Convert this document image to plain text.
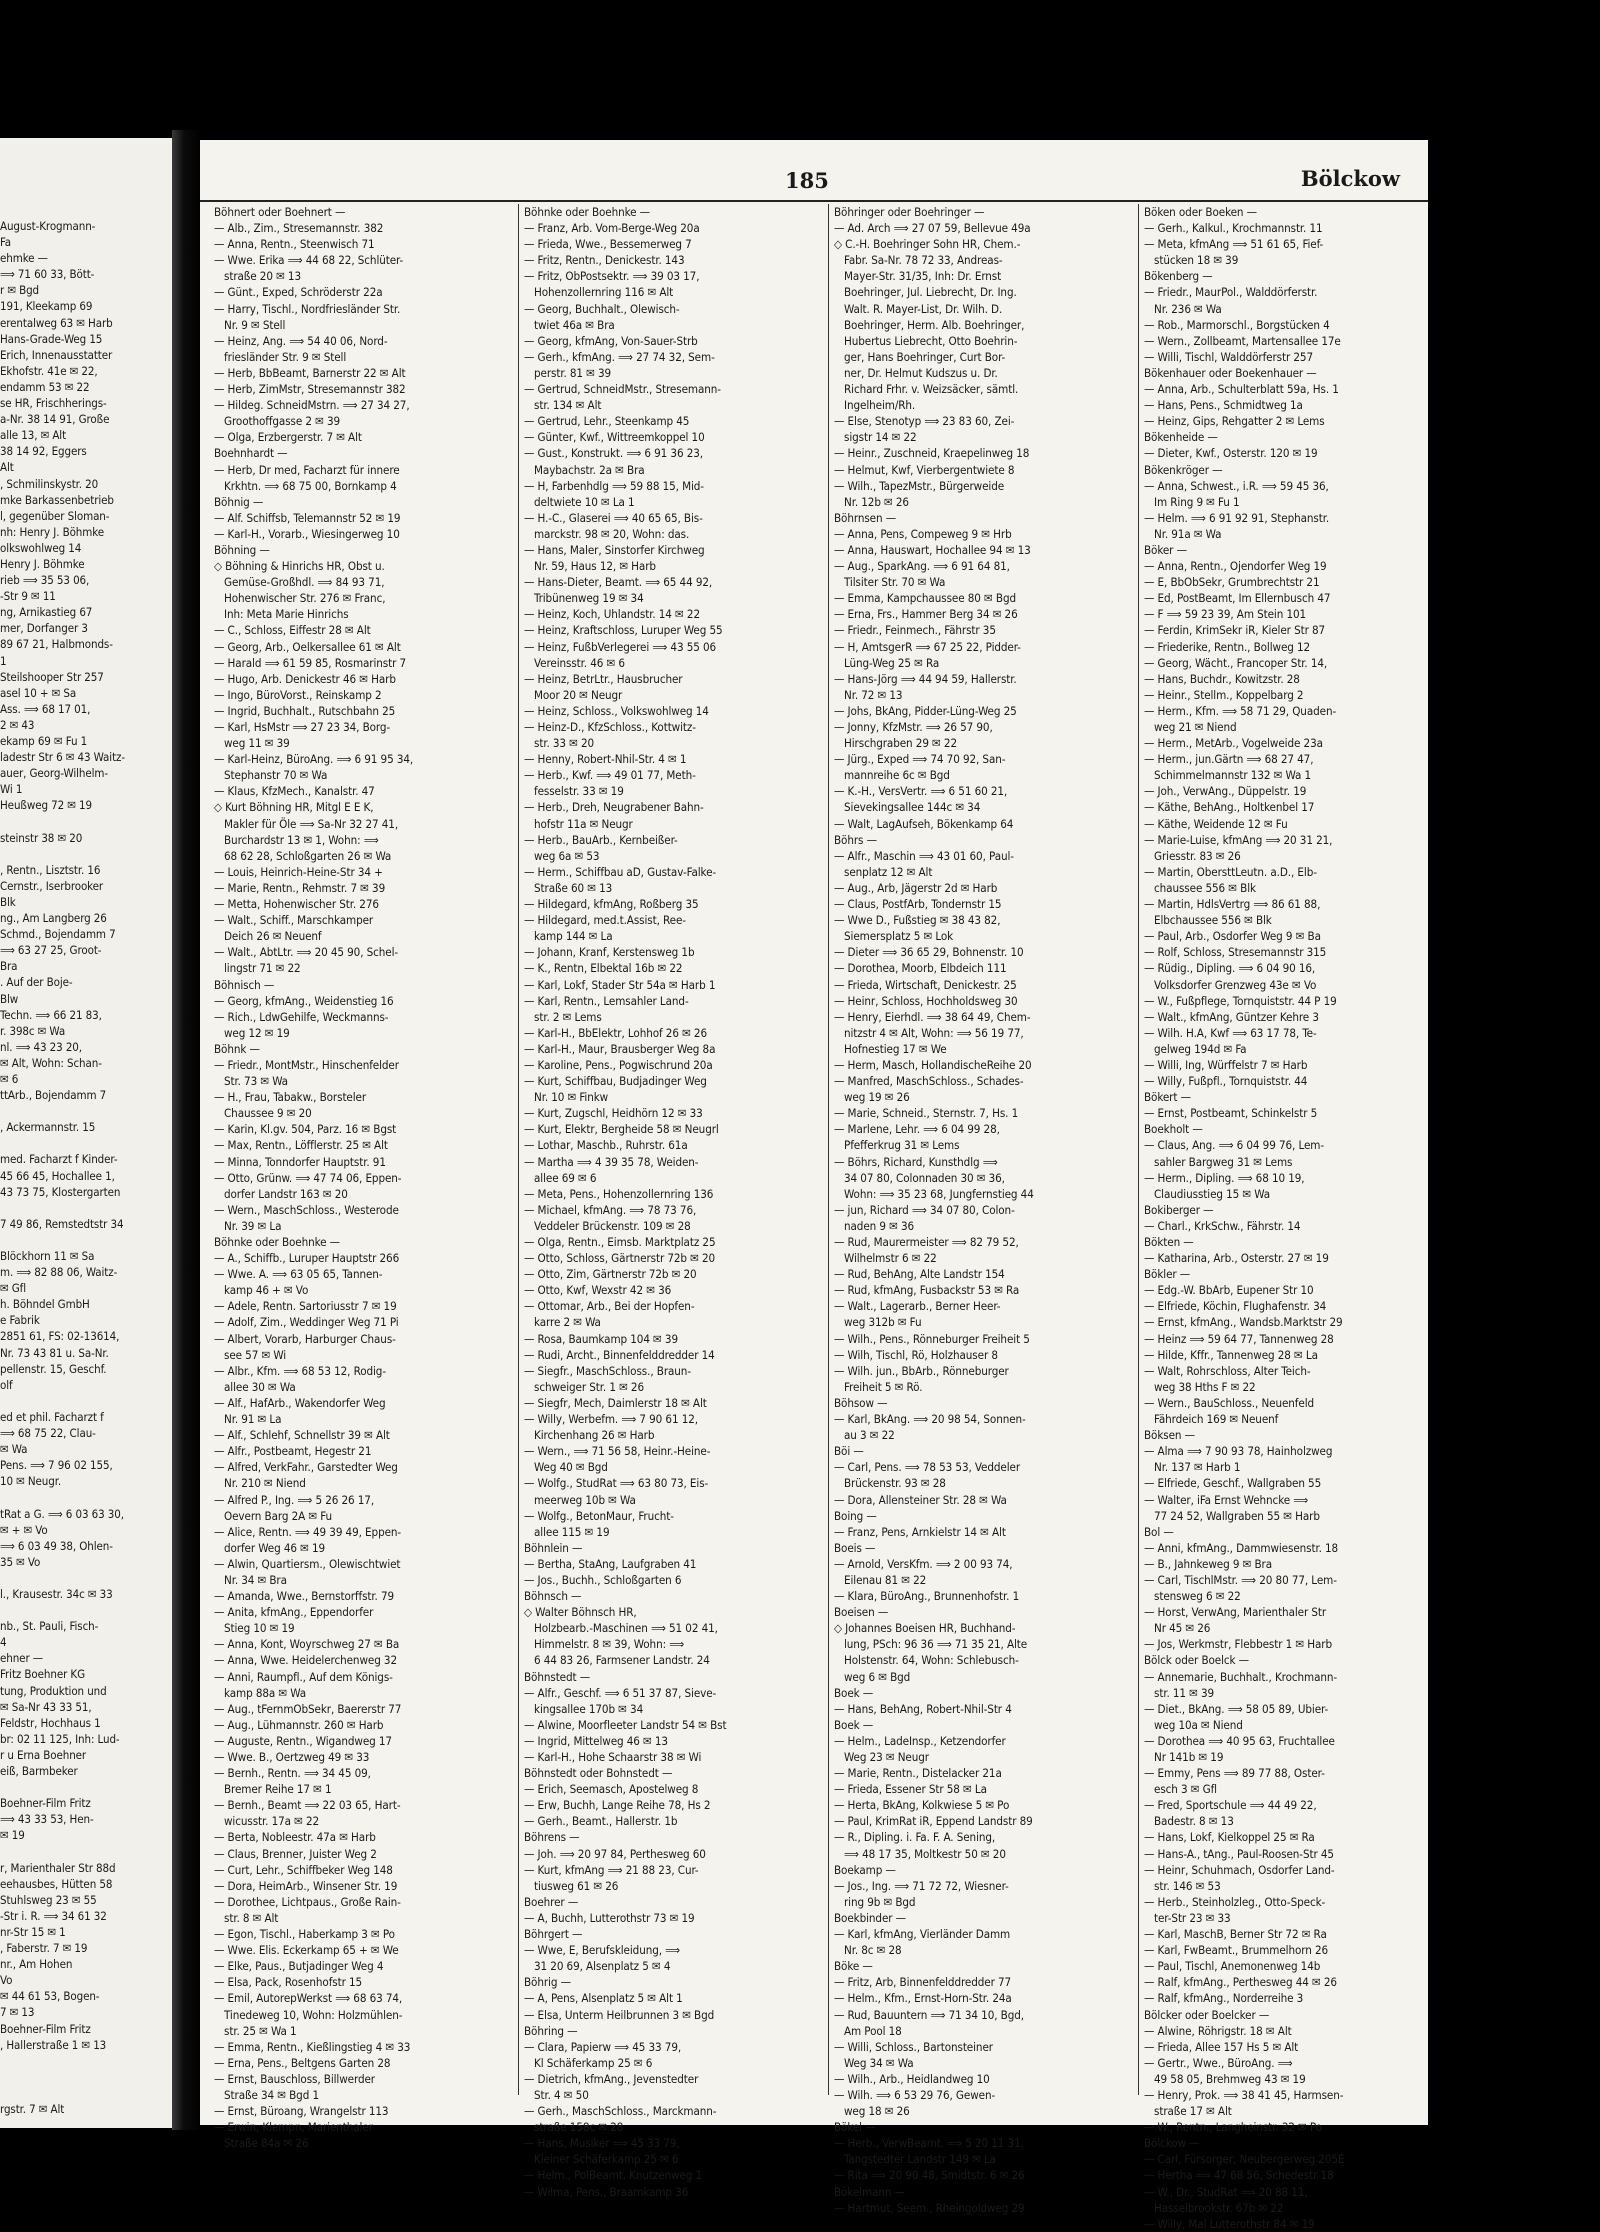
August-Krogmann-
Fa
ehmke —
⟹ 71 60 33, Bött-
r ✉ Bgd
191, Kleekamp 69
erentalweg 63 ✉ Harb
Hans-Grade-Weg 15
Erich, Innenausstatter
Ekhofstr. 41e ✉ 22,
endamm 53 ✉ 22
se HR, Frischherings-
a-Nr. 38 14 91, Große
alle 13, ✉ Alt
38 14 92, Eggers
Alt
, Schmilinskystr. 20
mke Barkassenbetrieb
l, gegenüber Sloman-
nh: Henry J. Böhmke
olkswohlweg 14
Henry J. Böhmke
rieb ⟹ 35 53 06,
-Str 9 ✉ 11
ng, Arnikastieg 67
mer, Dorfanger 3
89 67 21, Halbmonds-
1
Steilshooper Str 257
asel 10 + ✉ Sa
Ass. ⟹ 68 17 01,
2 ✉ 43
ekamp 69 ✉ Fu 1
ladestr Str 6 ✉ 43 Waitz-
auer, Georg-Wilhelm-
Wi 1
Heußweg 72 ✉ 19

steinstr 38 ✉ 20

, Rentn., Lisztstr. 16
Cernstr., Iserbrooker
Blk
ng., Am Langberg 26
Schmd., Bojendamm 7
⟹ 63 27 25, Groot-
Bra
. Auf der Boje-
Blw
Techn. ⟹ 66 21 83,
r. 398c ✉ Wa
nl. ⟹ 43 23 20,
✉ Alt, Wohn: Schan-
✉ 6
ttArb., Bojendamm 7

, Ackermannstr. 15

med. Facharzt f Kinder-
45 66 45, Hochallee 1,
43 73 75, Klostergarten

7 49 86, Remstedtstr 34

Blöckhorn 11 ✉ Sa
m. ⟹ 82 88 06, Waitz-
✉ Gfl
h. Böhndel GmbH
e Fabrik
2851 61, FS: 02-13614,
Nr. 73 43 81 u. Sa-Nr.
pellenstr. 15, Geschf.
olf

ed et phil. Facharzt f
⟹ 68 75 22, Clau-
✉ Wa
Pens. ⟹ 7 96 02 155,
10 ✉ Neugr.

tRat a G. ⟹ 6 03 63 30,
✉ + ✉ Vo
⟹ 6 03 49 38, Ohlen-
35 ✉ Vo

l., Krausestr. 34c ✉ 33

nb., St. Pauli, Fisch-
4
ehner —
Fritz Boehner KG
tung, Produktion und
✉ Sa-Nr 43 33 51,
Feldstr, Hochhaus 1
br: 02 11 125, Inh: Lud-
r u Erna Boehner
eiß, Barmbeker

Boehner-Film Fritz
⟹ 43 33 53, Hen-
✉ 19

r, Marienthaler Str 88d
eehausbes, Hütten 58
Stuhlsweg 23 ✉ 55
-Str i. R. ⟹ 34 61 32
nr-Str 15 ✉ 1
, Faberstr. 7 ✉ 19
nr., Am Hohen
Vo
✉ 44 61 53, Bogen-
7 ✉ 13
Boehner-Film Fritz
, Hallerstraße 1 ✉ 13

rgstr. 7 ✉ Alt
185	Bölckow
Böhnert oder Boehnert —
— Alb., Zim., Stresemannstr. 382
— Anna, Rentn., Steenwisch 71
— Wwe. Erika ⟹ 44 68 22, Schlüter-
straße 20 ✉ 13
— Günt., Exped, Schröderstr 22a
— Harry, Tischl., Nordfriesländer Str.
Nr. 9 ✉ Stell
— Heinz, Ang. ⟹ 54 40 06, Nord-
friesländer Str. 9 ✉ Stell
— Herb, BbBeamt, Barnerstr 22 ✉ Alt
— Herb, ZimMstr, Stresemannstr 382
— Hildeg. SchneidMstrn. ⟹ 27 34 27,
Groothoffgasse 2 ✉ 39
— Olga, Erzbergerstr. 7 ✉ Alt
Boehnhardt —
— Herb, Dr med, Facharzt für innere
Krkhtn. ⟹ 68 75 00, Bornkamp 4
Böhnig —
— Alf. Schiffsb, Telemannstr 52 ✉ 19
— Karl-H., Vorarb., Wiesingerweg 10
Böhning —
◇ Böhning & Hinrichs HR, Obst u.
Gemüse-Großhdl. ⟹ 84 93 71,
Hohenwischer Str. 276 ✉ Franc,
Inh: Meta Marie Hinrichs
— C., Schloss, Eiffestr 28 ✉ Alt
— Georg, Arb., Oelkersallee 61 ✉ Alt
— Harald ⟹ 61 59 85, Rosmarinstr 7
— Hugo, Arb. Denickestr 46 ✉ Harb
— Ingo, BüroVorst., Reinskamp 2
— Ingrid, Buchhalt., Rutschbahn 25
— Karl, HsMstr ⟹ 27 23 34, Borg-
weg 11 ✉ 39
— Karl-Heinz, BüroAng. ⟹ 6 91 95 34,
Stephanstr 70 ✉ Wa
— Klaus, KfzMech., Kanalstr. 47
◇ Kurt Böhning HR, Mitgl E E K,
Makler für Öle ⟹ Sa-Nr 32 27 41,
Burchardstr 13 ✉ 1, Wohn: ⟹
68 62 28, Schloßgarten 26 ✉ Wa
— Louis, Heinrich-Heine-Str 34 +
— Marie, Rentn., Rehmstr. 7 ✉ 39
— Metta, Hohenwischer Str. 276
— Walt., Schiff., Marschkamper
Deich 26 ✉ Neuenf
— Walt., AbtLtr. ⟹ 20 45 90, Schel-
lingstr 71 ✉ 22
Böhnisch —
— Georg, kfmAng., Weidenstieg 16
— Rich., LdwGehilfe, Weckmanns-
weg 12 ✉ 19
Böhnk —
— Friedr., MontMstr., Hinschenfelder
Str. 73 ✉ Wa
— H., Frau, Tabakw., Borsteler
Chaussee 9 ✉ 20
— Karin, Kl.gv. 504, Parz. 16 ✉ Bgst
— Max, Rentn., Löfflerstr. 25 ✉ Alt
— Minna, Tonndorfer Hauptstr. 91
— Otto, Grünw. ⟹ 47 74 06, Eppen-
dorfer Landstr 163 ✉ 20
— Wern., MaschSchloss., Westerode
Nr. 39 ✉ La
Böhnke oder Boehnke —
— A., Schiffb., Luruper Hauptstr 266
— Wwe. A. ⟹ 63 05 65, Tannen-
kamp 46 + ✉ Vo
— Adele, Rentn. Sartoriusstr 7 ✉ 19
— Adolf, Zim., Weddinger Weg 71 Pi
— Albert, Vorarb, Harburger Chaus-
see 57 ✉ Wi
— Albr., Kfm. ⟹ 68 53 12, Rodig-
allee 30 ✉ Wa
— Alf., HafArb., Wakendorfer Weg
Nr. 91 ✉ La
— Alf., Schlehf, Schnellstr 39 ✉ Alt
— Alfr., Postbeamt, Hegestr 21
— Alfred, VerkFahr., Garstedter Weg
Nr. 210 ✉ Niend
— Alfred P., Ing. ⟹ 5 26 26 17,
Oevern Barg 2A ✉ Fu
— Alice, Rentn. ⟹ 49 39 49, Eppen-
dorfer Weg 46 ✉ 19
— Alwin, Quartiersm., Olewischtwiet
Nr. 34 ✉ Bra
— Amanda, Wwe., Bernstorffstr. 79
— Anita, kfmAng., Eppendorfer
Stieg 10 ✉ 19
— Anna, Kont, Woyrschweg 27 ✉ Ba
— Anna, Wwe. Heidelerchenweg 32
— Anni, Raumpfl., Auf dem Königs-
kamp 88a ✉ Wa
— Aug., tFernmObSekr, Baererstr 77
— Aug., Lühmannstr. 260 ✉ Harb
— Auguste, Rentn., Wigandweg 17
— Wwe. B., Oertzweg 49 ✉ 33
— Bernh., Rentn. ⟹ 34 45 09,
Bremer Reihe 17 ✉ 1
— Bernh., Beamt ⟹ 22 03 65, Hart-
wicusstr. 17a ✉ 22
— Berta, Nobleestr. 47a ✉ Harb
— Claus, Brenner, Juister Weg 2
— Curt, Lehr., Schiffbeker Weg 148
— Dora, HeimArb., Winsener Str. 19
— Dorothee, Lichtpaus., Große Rain-
str. 8 ✉ Alt
— Egon, Tischl., Haberkamp 3 ✉ Po
— Wwe. Elis. Eckerkamp 65 + ✉ We
— Elke, Paus., Butjadinger Weg 4
— Elsa, Pack, Rosenhofstr 15
— Emil, AutorepWerkst ⟹ 68 63 74,
Tinedeweg 10, Wohn: Holzmühlen-
str. 25 ✉ Wa 1
— Emma, Rentn., Kießlingstieg 4 ✉ 33
— Erna, Pens., Beltgens Garten 28
— Ernst, Bauschloss, Billwerder
Straße 34 ✉ Bgd 1
— Ernst, Büroang, Wrangelstr 113
— Erwin, Klempn, Marienthaler
Straße 84a ✉ 26
Böhnke oder Boehnke —
— Franz, Arb. Vom-Berge-Weg 20a
— Frieda, Wwe., Bessemerweg 7
— Fritz, Rentn., Denickestr. 143
— Fritz, ObPostsektr. ⟹ 39 03 17,
Hohenzollernring 116 ✉ Alt
— Georg, Buchhalt., Olewisch-
twiet 46a ✉ Bra
— Georg, kfmAng, Von-Sauer-Strb
— Gerh., kfmAng. ⟹ 27 74 32, Sem-
perstr. 81 ✉ 39
— Gertrud, SchneidMstr., Stresemann-
str. 134 ✉ Alt
— Gertrud, Lehr., Steenkamp 45
— Günter, Kwf., Wittreemkoppel 10
— Gust., Konstrukt. ⟹ 6 91 36 23,
Maybachstr. 2a ✉ Bra
— H, Farbenhdlg ⟹ 59 88 15, Mid-
deltwiete 10 ✉ La 1
— H.-C., Glaserei ⟹ 40 65 65, Bis-
marckstr. 98 ✉ 20, Wohn: das.
— Hans, Maler, Sinstorfer Kirchweg
Nr. 59, Haus 12, ✉ Harb
— Hans-Dieter, Beamt. ⟹ 65 44 92,
Tribünenweg 19 ✉ 34
— Heinz, Koch, Uhlandstr. 14 ✉ 22
— Heinz, Kraftschloss, Luruper Weg 55
— Heinz, FußbVerlegerei ⟹ 43 55 06
Vereinsstr. 46 ✉ 6
— Heinz, BetrLtr., Hausbrucher
Moor 20 ✉ Neugr
— Heinz, Schloss., Volkswohlweg 14
— Heinz-D., KfzSchloss., Kottwitz-
str. 33 ✉ 20
— Henny, Robert-Nhil-Str. 4 ✉ 1
— Herb., Kwf. ⟹ 49 01 77, Meth-
fesselstr. 33 ✉ 19
— Herb., Dreh, Neugrabener Bahn-
hofstr 11a ✉ Neugr
— Herb., BauArb., Kernbeißer-
weg 6a ✉ 53
— Herm., Schiffbau aD, Gustav-Falke-
Straße 60 ✉ 13
— Hildegard, kfmAng, Roßberg 35
— Hildegard, med.t.Assist, Ree-
kamp 144 ✉ La
— Johann, Kranf, Kerstensweg 1b
— K., Rentn, Elbektal 16b ✉ 22
— Karl, Lokf, Stader Str 54a ✉ Harb 1
— Karl, Rentn., Lemsahler Land-
str. 2 ✉ Lems
— Karl-H., BbElektr, Lohhof 26 ✉ 26
— Karl-H., Maur, Brausberger Weg 8a
— Karoline, Pens., Pogwischrund 20a
— Kurt, Schiffbau, Budjadinger Weg
Nr. 10 ✉ Finkw
— Kurt, Zugschl, Heidhörn 12 ✉ 33
— Kurt, Elektr, Bergheide 58 ✉ Neugrl
— Lothar, Maschb., Ruhrstr. 61a
— Martha ⟹ 4 39 35 78, Weiden-
allee 69 ✉ 6
— Meta, Pens., Hohenzollernring 136
— Michael, kfmAng. ⟹ 78 73 76,
Veddeler Brückenstr. 109 ✉ 28
— Olga, Rentn., Eimsb. Marktplatz 25
— Otto, Schloss, Gärtnerstr 72b ✉ 20
— Otto, Zim, Gärtnerstr 72b ✉ 20
— Otto, Kwf, Wexstr 42 ✉ 36
— Ottomar, Arb., Bei der Hopfen-
karre 2 ✉ Wa
— Rosa, Baumkamp 104 ✉ 39
— Rudi, Archt., Binnenfelddredder 14
— Siegfr., MaschSchloss., Braun-
schweiger Str. 1 ✉ 26
— Siegfr, Mech, Daimlerstr 18 ✉ Alt
— Willy, Werbefm. ⟹ 7 90 61 12,
Kirchenhang 26 ✉ Harb
— Wern., ⟹ 71 56 58, Heinr.-Heine-
Weg 40 ✉ Bgd
— Wolfg., StudRat ⟹ 63 80 73, Eis-
meerweg 10b ✉ Wa
— Wolfg., BetonMaur, Frucht-
allee 115 ✉ 19
Böhnlein —
— Bertha, StaAng, Laufgraben 41
— Jos., Buchh., Schloßgarten 6
Böhnsch —
◇ Walter Böhnsch HR,
Holzbearb.-Maschinen ⟹ 51 02 41,
Himmelstr. 8 ✉ 39, Wohn: ⟹
6 44 83 26, Farmsener Landstr. 24
Böhnstedt —
— Alfr., Geschf. ⟹ 6 51 37 87, Sieve-
kingsallee 170b ✉ 34
— Alwine, Moorfleeter Landstr 54 ✉ Bst
— Ingrid, Mittelweg 46 ✉ 13
— Karl-H., Hohe Schaarstr 38 ✉ Wi
Böhnstedt oder Bohnstedt —
— Erich, Seemasch, Apostelweg 8
— Erw, Buchh, Lange Reihe 78, Hs 2
— Gerh., Beamt., Hallerstr. 1b
Böhrens —
— Joh. ⟹ 20 97 84, Perthesweg 60
— Kurt, kfmAng ⟹ 21 88 23, Cur-
tiusweg 61 ✉ 26
Boehrer —
— A, Buchh, Lutterothstr 73 ✉ 19
Böhrgert —
— Wwe, E, Berufskleidung, ⟹
31 20 69, Alsenplatz 5 ✉ 4
Böhrig —
— A, Pens, Alsenplatz 5 ✉ Alt 1
— Elsa, Unterm Heilbrunnen 3 ✉ Bgd
Böhring —
— Clara, Papierw ⟹ 45 33 79,
Kl Schäferkamp 25 ✉ 6
— Dietrich, kfmAng., Jevenstedter
Str. 4 ✉ 50
— Gerh., MaschSchloss., Marckmann-
straße 158c ✉ 28
— Hans, Musiker ⟹ 45 33 79,
Kleiner Schäferkamp 25 ✉ 6
— Helm., PolBeamt, Knutzenweg 1
— Wilma, Pens., Braamkamp 36
Böhringer oder Boehringer —
— Ad. Arch ⟹ 27 07 59, Bellevue 49a
◇ C.-H. Boehringer Sohn HR, Chem.-
Fabr. Sa-Nr. 78 72 33, Andreas-
Mayer-Str. 31/35, Inh: Dr. Ernst
Boehringer, Jul. Liebrecht, Dr. Ing.
Walt. R. Mayer-List, Dr. Wilh. D.
Boehringer, Herm. Alb. Boehringer,
Hubertus Liebrecht, Otto Boehrin-
ger, Hans Boehringer, Curt Bor-
ner, Dr. Helmut Kudszus u. Dr.
Richard Frhr. v. Weizsäcker, sämtl.
Ingelheim/Rh.
— Else, Stenotyp ⟹ 23 83 60, Zei-
sigstr 14 ✉ 22
— Heinr., Zuschneid, Kraepelinweg 18
— Helmut, Kwf, Vierbergentwiete 8
— Wilh., TapezMstr., Bürgerweide
Nr. 12b ✉ 26
Böhrnsen —
— Anna, Pens, Compeweg 9 ✉ Hrb
— Anna, Hauswart, Hochallee 94 ✉ 13
— Aug., SparkAng. ⟹ 6 91 64 81,
Tilsiter Str. 70 ✉ Wa
— Emma, Kampchaussee 80 ✉ Bgd
— Erna, Frs., Hammer Berg 34 ✉ 26
— Friedr., Feinmech., Fährstr 35
— H, AmtsgerR ⟹ 67 25 22, Pidder-
Lüng-Weg 25 ✉ Ra
— Hans-Jörg ⟹ 44 94 59, Hallerstr.
Nr. 72 ✉ 13
— Johs, BkAng, Pidder-Lüng-Weg 25
— Jonny, KfzMstr. ⟹ 26 57 90,
Hirschgraben 29 ✉ 22
— Jürg., Exped ⟹ 74 70 92, San-
mannreihe 6c ✉ Bgd
— K.-H., VersVertr. ⟹ 6 51 60 21,
Sievekingsallee 144c ✉ 34
— Walt, LagAufseh, Bökenkamp 64
Böhrs —
— Alfr., Maschin ⟹ 43 01 60, Paul-
senplatz 12 ✉ Alt
— Aug., Arb, Jägerstr 2d ✉ Harb
— Claus, PostfArb, Tondernstr 15
— Wwe D., Fußstieg ✉ 38 43 82,
Siemersplatz 5 ✉ Lok
— Dieter ⟹ 36 65 29, Bohnenstr. 10
— Dorothea, Moorb, Elbdeich 111
— Frieda, Wirtschaft, Denickestr. 25
— Heinr, Schloss, Hochholdsweg 30
— Henry, Eierhdl. ⟹ 38 64 49, Chem-
nitzstr 4 ✉ Alt, Wohn: ⟹ 56 19 77,
Hofnestieg 17 ✉ We
— Herm, Masch, HollandischeReihe 20
— Manfred, MaschSchloss., Schades-
weg 19 ✉ 26
— Marie, Schneid., Sternstr. 7, Hs. 1
— Marlene, Lehr. ⟹ 6 04 99 28,
Pfefferkrug 31 ✉ Lems
— Böhrs, Richard, Kunsthdlg ⟹
34 07 80, Colonnaden 30 ✉ 36,
Wohn: ⟹ 35 23 68, Jungfernstieg 44
— jun, Richard ⟹ 34 07 80, Colon-
naden 9 ✉ 36
— Rud, Maurermeister ⟹ 82 79 52,
Wilhelmstr 6 ✉ 22
— Rud, BehAng, Alte Landstr 154
— Rud, kfmAng, Fusbackstr 53 ✉ Ra
— Walt., Lagerarb., Berner Heer-
weg 312b ✉ Fu
— Wilh., Pens., Rönneburger Freiheit 5
— Wilh, Tischl, Rö, Holzhauser 8
— Wilh. jun., BbArb., Rönneburger
Freiheit 5 ✉ Rö.
Böhsow —
— Karl, BkAng. ⟹ 20 98 54, Sonnen-
au 3 ✉ 22
Böi —
— Carl, Pens. ⟹ 78 53 53, Veddeler
Brückenstr. 93 ✉ 28
— Dora, Allensteiner Str. 28 ✉ Wa
Boing —
— Franz, Pens, Arnkielstr 14 ✉ Alt
Boeis —
— Arnold, VersKfm. ⟹ 2 00 93 74,
Eilenau 81 ✉ 22
— Klara, BüroAng., Brunnenhofstr. 1
Boeisen —
◇ Johannes Boeisen HR, Buchhand-
lung, PSch: 96 36 ⟹ 71 35 21, Alte
Holstenstr. 64, Wohn: Schlebusch-
weg 6 ✉ Bgd
Boek —
— Hans, BehAng, Robert-Nhil-Str 4
Boek —
— Helm., LadeInsp., Ketzendorfer
Weg 23 ✉ Neugr
— Marie, Rentn., Distelacker 21a
— Frieda, Essener Str 58 ✉ La
— Herta, BkAng, Kolkwiese 5 ✉ Po
— Paul, KrimRat iR, Eppend Landstr 89
— R., Dipling. i. Fa. F. A. Sening,
⟹ 48 17 35, Moltkestr 50 ✉ 20
Boekamp —
— Jos., Ing. ⟹ 71 72 72, Wiesner-
ring 9b ✉ Bgd
Boekbinder —
— Karl, kfmAng, Vierländer Damm
Nr. 8c ✉ 28
Böke —
— Fritz, Arb, Binnenfelddredder 77
— Helm., Kfm., Ernst-Horn-Str. 24a
— Rud, Bauuntern ⟹ 71 34 10, Bgd,
Am Pool 18
— Willi, Schloss., Bartonsteiner
Weg 34 ✉ Wa
— Wilh., Arb., Heidlandweg 10
— Wilh. ⟹ 6 53 29 76, Gewen-
weg 18 ✉ 26
Bökel —
— Herb., VerwBeamt. ⟹ 5 20 11 31,
Tangstedter Landstr 149 ✉ La
— Rita ⟹ 20 90 48, Smidtstr. 6 ✉ 26
Bökelmann —
— Hartmut, Seem., Rheingoldweg 29
Böken oder Boeken —
— Gerh., Kalkul., Krochmannstr. 11
— Meta, kfmAng ⟹ 51 61 65, Fief-
stücken 18 ✉ 39
Bökenberg —
— Friedr., MaurPol., Walddörferstr.
Nr. 236 ✉ Wa
— Rob., Marmorschl., Borgstücken 4
— Wern., Zollbeamt, Martensallee 17e
— Willi, Tischl, Walddörferstr 257
Bökenhauer oder Boekenhauer —
— Anna, Arb., Schulterblatt 59a, Hs. 1
— Hans, Pens., Schmidtweg 1a
— Heinz, Gips, Rehgatter 2 ✉ Lems
Bökenheide —
— Dieter, Kwf., Osterstr. 120 ✉ 19
Bökenkröger —
— Anna, Schwest., i.R. ⟹ 59 45 36,
Im Ring 9 ✉ Fu 1
— Helm. ⟹ 6 91 92 91, Stephanstr.
Nr. 91a ✉ Wa
Böker —
— Anna, Rentn., Ojendorfer Weg 19
— E, BbObSekr, Grumbrechtstr 21
— Ed, PostBeamt, Im Ellernbusch 47
— F ⟹ 59 23 39, Am Stein 101
— Ferdin, KrimSekr iR, Kieler Str 87
— Friederike, Rentn., Bollweg 12
— Georg, Wächt., Francoper Str. 14,
— Hans, Buchdr., Kowitzstr. 28
— Heinr., Stellm., Koppelbarg 2
— Herm., Kfm. ⟹ 58 71 29, Quaden-
weg 21 ✉ Niend
— Herm., MetArb., Vogelweide 23a
— Herm., jun.Gärtn ⟹ 68 27 47,
Schimmelmannstr 132 ✉ Wa 1
— Joh., VerwAng., Düppelstr. 19
— Käthe, BehAng., Holtkenbel 17
— Käthe, Weidende 12 ✉ Fu
— Marie-Luise, kfmAng ⟹ 20 31 21,
Griesstr. 83 ✉ 26
— Martin, ObersttLeutn. a.D., Elb-
chaussee 556 ✉ Blk
— Martin, HdlsVertrg ⟹ 86 61 88,
Elbchaussee 556 ✉ Blk
— Paul, Arb., Osdorfer Weg 9 ✉ Ba
— Rolf, Schloss, Stresemannstr 315
— Rüdig., Dipling. ⟹ 6 04 90 16,
Volksdorfer Grenzweg 43e ✉ Vo
— W., Fußpflege, Tornquiststr. 44 P 19
— Walt., kfmAng, Güntzer Kehre 3
— Wilh. H.A, Kwf ⟹ 63 17 78, Te-
gelweg 194d ✉ Fa
— Willi, Ing, Würffelstr 7 ✉ Harb
— Willy, Fußpfl., Tornquiststr. 44
Bökert —
— Ernst, Postbeamt, Schinkelstr 5
Boekholt —
— Claus, Ang. ⟹ 6 04 99 76, Lem-
sahler Bargweg 31 ✉ Lems
— Herm., Dipling. ⟹ 68 10 19,
Claudiusstieg 15 ✉ Wa
Bokiberger —
— Charl., KrkSchw., Fährstr. 14
Bökten —
— Katharina, Arb., Osterstr. 27 ✉ 19
Bökler —
— Edg.-W. BbArb, Eupener Str 10
— Elfriede, Köchin, Flughafenstr. 34
— Ernst, kfmAng., Wandsb.Marktstr 29
— Heinz ⟹ 59 64 77, Tannenweg 28
— Hilde, Kffr., Tannenweg 28 ✉ La
— Walt, Rohrschloss, Alter Teich-
weg 38 Hths F ✉ 22
— Wern., BauSchloss., Neuenfeld
Fährdeich 169 ✉ Neuenf
Böksen —
— Alma ⟹ 7 90 93 78, Hainholzweg
Nr. 137 ✉ Harb 1
— Elfriede, Geschf., Wallgraben 55
— Walter, iFa Ernst Wehncke ⟹
77 24 52, Wallgraben 55 ✉ Harb
Bol —
— Anni, kfmAng., Dammwiesenstr. 18
— B., Jahnkeweg 9 ✉ Bra
— Carl, TischlMstr. ⟹ 20 80 77, Lem-
stensweg 6 ✉ 22
— Horst, VerwAng, Marienthaler Str
Nr 45 ✉ 26
— Jos, Werkmstr, Flebbestr 1 ✉ Harb
Bölck oder Boelck —
— Annemarie, Buchhalt., Krochmann-
str. 11 ✉ 39
— Diet., BkAng. ⟹ 58 05 89, Ubier-
weg 10a ✉ Niend
— Dorothea ⟹ 40 95 63, Fruchtallee
Nr 141b ✉ 19
— Emmy, Pens ⟹ 89 77 88, Oster-
esch 3 ✉ Gfl
— Fred, Sportschule ⟹ 44 49 22,
Badestr. 8 ✉ 13
— Hans, Lokf, Kielkoppel 25 ✉ Ra
— Hans-A., tAng., Paul-Roosen-Str 45
— Heinr, Schuhmach, Osdorfer Land-
str. 146 ✉ 53
— Herb., Steinholzleg., Otto-Speck-
ter-Str 23 ✉ 33
— Karl, MaschB, Berner Str 72 ✉ Ra
— Karl, FwBeamt., Brummelhorn 26
— Paul, Tischl, Anemonenweg 14b
— Ralf, kfmAng., Perthesweg 44 ✉ 26
— Ralf, kfmAng., Norderreihe 3
Bölcker oder Boelcker —
— Alwine, Röhrigstr. 18 ✉ Alt
— Frieda, Allee 157 Hs 5 ✉ Alt
— Gertr., Wwe., BüroAng. ⟹
49 58 05, Brehmweg 43 ✉ 19
— Henry, Prok. ⟹ 38 41 45, Harmsen-
straße 17 ✉ Alt
— W., Rentn., Langheinstr. 32 ✉ Po
Bölckow —
— Carl, Fürsorger, Neubergerweg 205E
— Hertha ⟹ 47 68 56, Schedestr 18
— W., Dr., StudRat ⟹ 20 88 11,
Hasselbrookstr. 67b ✉ 22
— Willy, Mal Lutterothstr 84 ✉ 19
